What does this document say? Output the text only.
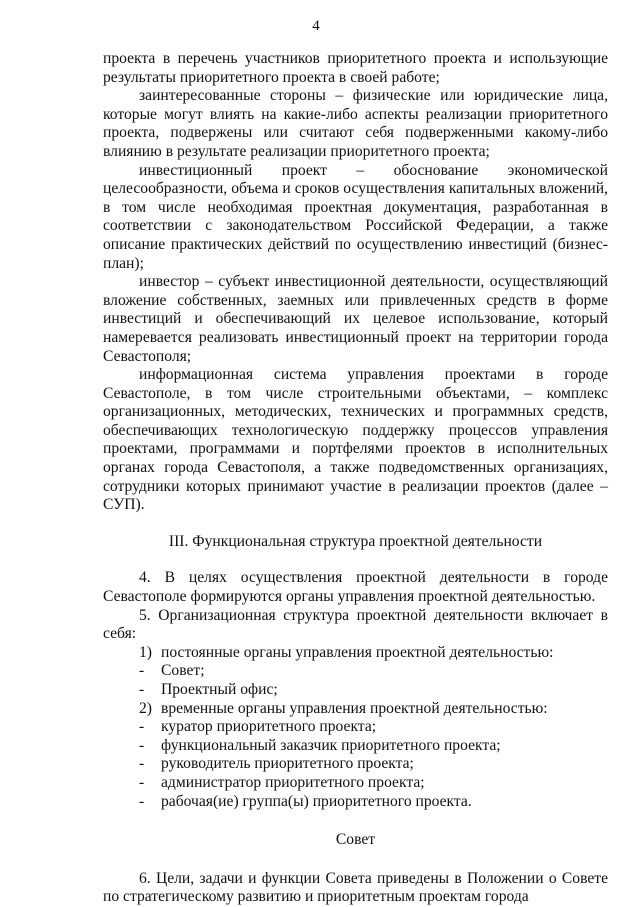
4

проекта в перечень участников приоритетного проекта и использующие результаты приоритетного проекта в своей работе;

заинтересованные стороны – физические или юридические лица, которые могут влиять на какие-либо аспекты реализации приоритетного проекта, подвержены или считают себя подверженными какому-либо влиянию в результате реализации приоритетного проекта;

инвестиционный проект – обоснование экономической целесообразности, объема и сроков осуществления капитальных вложений, в том числе необходимая проектная документация, разработанная в соответствии с законодательством Российской Федерации, а также описание практических действий по осуществлению инвестиций (бизнес-план);

инвестор – субъект инвестиционной деятельности, осуществляющий вложение собственных, заемных или привлеченных средств в форме инвестиций и обеспечивающий их целевое использование, который намеревается реализовать инвестиционный проект на территории города Севастополя;

информационная система управления проектами в городе Севастополе, в том числе строительными объектами, – комплекс организационных, методических, технических и программных средств, обеспечивающих технологическую поддержку процессов управления проектами, программами и портфелями проектов в исполнительных органах города Севастополя, а также подведомственных организациях, сотрудники которых принимают участие в реализации проектов (далее – СУП).

III. Функциональная структура проектной деятельности

4. В целях осуществления проектной деятельности в городе Севастополе формируются органы управления проектной деятельностью.

5. Организационная структура проектной деятельности включает в себя:

1) постоянные органы управления проектной деятельностью:

- Совет;

- Проектный офис;

2) временные органы управления проектной деятельностью:

- куратор приоритетного проекта;

- функциональный заказчик приоритетного проекта;

- руководитель приоритетного проекта;

- администратор приоритетного проекта;

- рабочая(ие) группа(ы) приоритетного проекта.

Совет

6. Цели, задачи и функции Совета приведены в Положении о Совете по стратегическому развитию и приоритетным проектам города
